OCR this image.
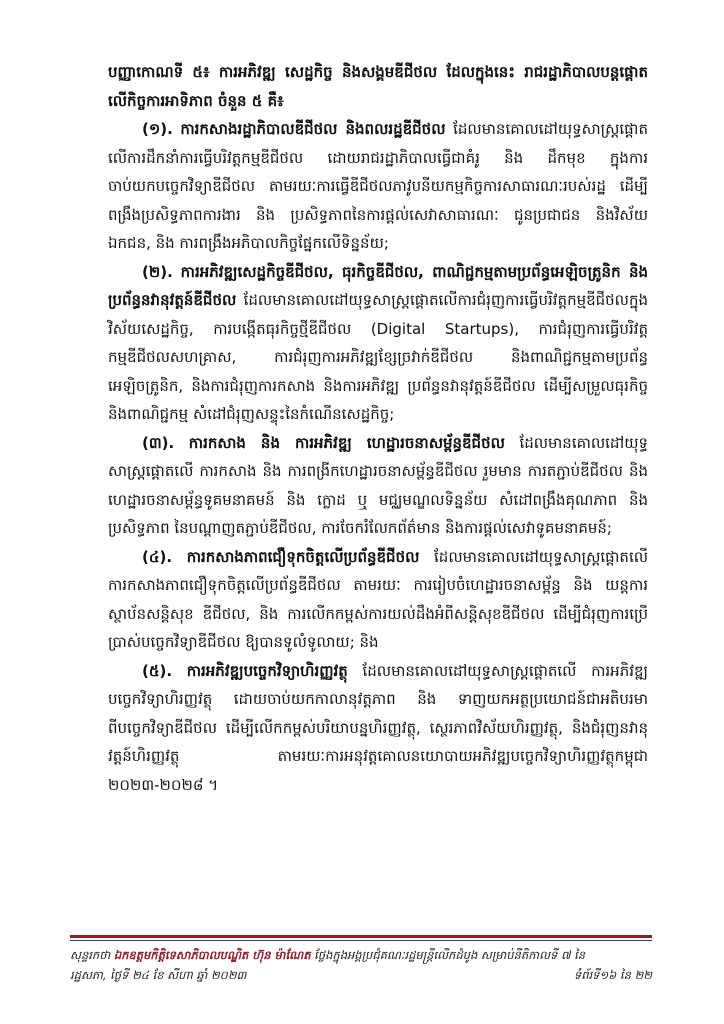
បញ្ញាកោណទី ៥៖ ការអភិវឌ្ឍ សេដ្ឋកិច្ច និងសង្គមឌីជីថល ដែលក្នុងនេះ រាជរដ្ឋាភិបាលបន្តផ្តោតលើកិច្ចការអាទិភាព ចំនួន ៥ គឺ៖

(១). ការកសាងរដ្ឋាភិបាលឌីជីថល និងពលរដ្ឋឌីជីថល ដែលមានគោលដៅយុទ្ធសាស្ត្រផ្តោតលើការដឹកនាំការធ្វើបរិវត្តកម្មឌីជីថល ដោយរាជរដ្ឋាភិបាលធ្វើជាគំរូ និង ដឹកមុខ ក្នុងការចាប់យកបច្ចេកវិទ្យាឌីជីថល តាមរយៈការធ្វើឌីជីថលភាវូបនីយកម្មកិច្ចការសាធារណៈរបស់រដ្ឋ ដើម្បីពង្រឹងប្រសិទ្ធភាពការងារ និង ប្រសិទ្ធភាពនៃការផ្តល់សេវាសាធារណៈ ជូនប្រជាជន និងវិស័យឯកជន, និង ការពង្រឹងអភិបាលកិច្ចផ្នែកលើទិន្នន័យ;

(២). ការអភិវឌ្ឍសេដ្ឋកិច្ចឌីជីថល, ធុរកិច្ចឌីជីថល, ពាណិជ្ជកម្មតាមប្រព័ន្ធអេឡិចត្រូនិក និងប្រព័ន្ធនវានុវត្តន៍ឌីជីថល ដែលមានគោលដៅយុទ្ធសាស្ត្រផ្តោតលើការជំរុញការធ្វើបរិវត្តកម្មឌីជីថលក្នុងវិស័យសេដ្ឋកិច្ច, ការបង្កើតធុរកិច្ចថ្មីឌីជីថល (Digital Startups), ការជំរុញការធ្វើបរិវត្តកម្មឌីជីថលសហគ្រាស, ការជំរុញការអភិវឌ្ឍខ្សែច្រវាក់ឌីជីថល និងពាណិជ្ជកម្មតាមប្រព័ន្ធអេឡិចត្រូនិក, និងការជំរុញការកសាង និងការអភិវឌ្ឍ ប្រព័ន្ធនវានុវត្តន៍ឌីជីថល ដើម្បីសម្រួលធុរកិច្ច និងពាណិជ្ជកម្ម សំដៅជំរុញសន្ទុះនៃកំណើនសេដ្ឋកិច្ច;

(៣). ការកសាង និង ការអភិវឌ្ឍ ហេដ្ឋារចនាសម្ព័ន្ធឌីជីថល ដែលមានគោលដៅយុទ្ធសាស្ត្រផ្តោតលើ ការកសាង និង ការពង្រីកហេដ្ឋារចនាសម្ព័ន្ធឌីជីថល រួមមាន ការតភ្ជាប់ឌីជីថល និង ហេដ្ឋារចនាសម្ព័ន្ធទូគមនាគមន៍ និង ក្លោដ ឬ មជ្ឈមណ្ឌលទិន្នន័យ សំដៅពង្រឹងគុណភាព និង ប្រសិទ្ធភាព នៃបណ្តាញតភ្ជាប់ឌីជីថល, ការចែករំលែកព័ត៌មាន និងការផ្តល់សេវាទូគមនាគមន៍;

(៤). ការកសាងភាពជឿទុកចិត្តលើប្រព័ន្ធឌីជីថល ដែលមានគោលដៅយុទ្ធសាស្ត្រផ្តោតលើ ការកសាងភាពជឿទុកចិត្តលើប្រព័ន្ធឌីជីថល តាមរយៈ ការរៀបចំហេដ្ឋារចនាសម្ព័ន្ធ និង យន្តការស្ថាប័នសន្តិសុខ ឌីជីថល, និង ការលើកកម្ពស់ការយល់ដឹងអំពីសន្តិសុខឌីជីថល ដើម្បីជំរុញការប្រើប្រាស់បច្ចេកវិទ្យាឌីជីថល ឱ្យបានទូលំទូលាយ; និង

(៥). ការអភិវឌ្ឍបច្ចេកវិទ្យាហិរញ្ញវត្ថុ ដែលមានគោលដៅយុទ្ធសាស្ត្រផ្តោតលើ ការអភិវឌ្ឍបច្ចេកវិទ្យាហិរញ្ញវត្ថុ ដោយចាប់យកកាលានុវត្តភាព និង ទាញយកអត្ថប្រយោជន៍ជាអតិបរមា ពីបច្ចេកវិទ្យាឌីជីថល ដើម្បីលើកកម្ពស់បរិយាបន្នហិរញ្ញវត្ថុ, ស្ថេរភាពវិស័យហិរញ្ញវត្ថុ, និងជំរុញនវានុវត្តន៍ហិរញ្ញវត្ថុ តាមរយៈការអនុវត្តគោលនយោបាយអភិវឌ្ឍបច្ចេកវិទ្យាហិរញ្ញវត្ថុកម្ពុជា ២០២៣-២០២៨ ។

សុន្ទរកថា ឯកឧត្តមកិត្តិទេសាភិបាលបណ្ឌិត ហ៊ុន ម៉ាណែត ថ្លែងក្នុងអង្គប្រជុំគណៈរដ្ឋមន្ត្រីលើកដំបូង សម្រាប់នីតិកាលទី ៧ នៃ
រដ្ឋសភា, ថ្ងៃទី ២៤ ខែ សីហា ឆ្នាំ ២០២៣	ទំព័រទី១៦ នៃ ២២
